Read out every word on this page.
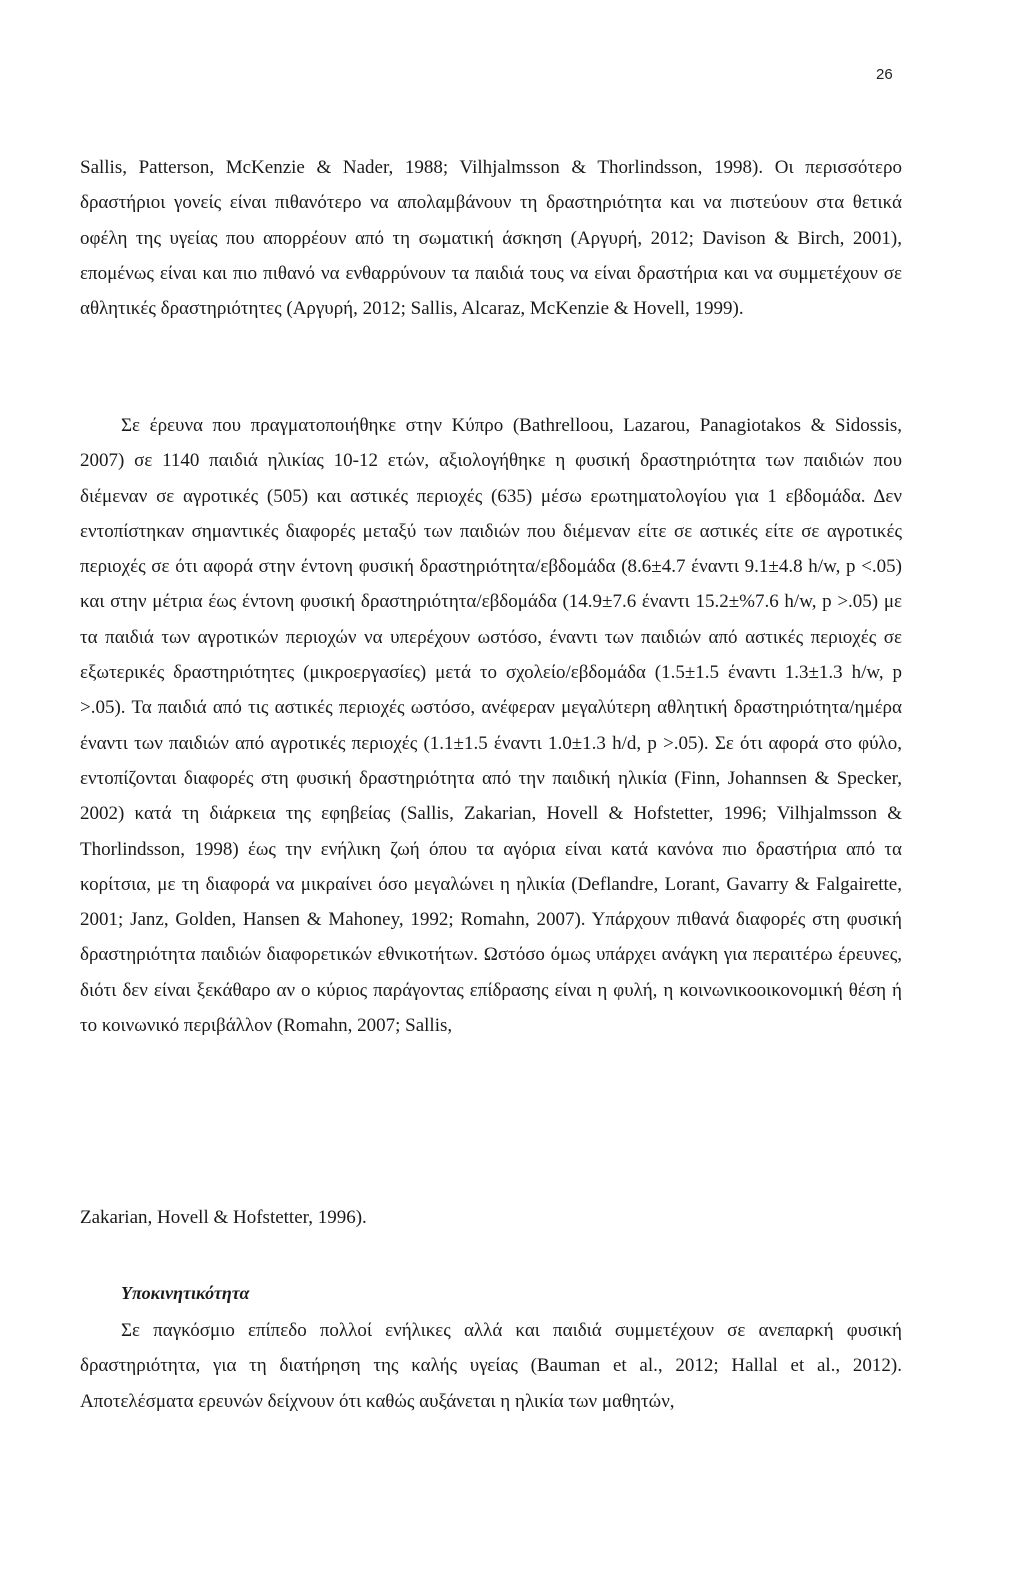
26

Sallis, Patterson, McKenzie & Nader, 1988; Vilhjalmsson & Thorlindsson, 1998). Οι περισσότερο δραστήριοι γονείς είναι πιθανότερο να απολαμβάνουν τη δραστηριότητα και να πιστεύουν στα θετικά οφέλη της υγείας που απορρέουν από τη σωματική άσκηση (Αργυρή, 2012; Davison & Birch, 2001), επομένως είναι και πιο πιθανό να ενθαρρύνουν τα παιδιά τους να είναι δραστήρια και να συμμετέχουν σε αθλητικές δραστηριότητες (Αργυρή, 2012; Sallis, Alcaraz, McKenzie & Hovell, 1999).

Σε έρευνα που πραγματοποιήθηκε στην Κύπρο (Bathrelloou, Lazarou, Panagiotakos & Sidossis, 2007) σε 1140 παιδιά ηλικίας 10-12 ετών, αξιολογήθηκε η φυσική δραστηριότητα των παιδιών που διέμεναν σε αγροτικές (505) και αστικές περιοχές (635) μέσω ερωτηματολογίου για 1 εβδομάδα. Δεν εντοπίστηκαν σημαντικές διαφορές μεταξύ των παιδιών που διέμεναν είτε σε αστικές είτε σε αγροτικές περιοχές σε ότι αφορά στην έντονη φυσική δραστηριότητα/εβδομάδα (8.6±4.7 έναντι 9.1±4.8 h/w, p <.05) και στην μέτρια έως έντονη φυσική δραστηριότητα/εβδομάδα (14.9±7.6 έναντι 15.2±%7.6 h/w, p >.05) με τα παιδιά των αγροτικών περιοχών να υπερέχουν ωστόσο, έναντι των παιδιών από αστικές περιοχές σε εξωτερικές δραστηριότητες (μικροεργασίες) μετά το σχολείο/εβδομάδα (1.5±1.5 έναντι 1.3±1.3 h/w, p >.05). Τα παιδιά από τις αστικές περιοχές ωστόσο, ανέφεραν μεγαλύτερη αθλητική δραστηριότητα/ημέρα έναντι των παιδιών από αγροτικές περιοχές (1.1±1.5 έναντι 1.0±1.3 h/d, p >.05). Σε ότι αφορά στο φύλο, εντοπίζονται διαφορές στη φυσική δραστηριότητα από την παιδική ηλικία (Finn, Johannsen & Specker, 2002) κατά τη διάρκεια της εφηβείας (Sallis, Zakarian, Hovell & Hofstetter, 1996; Vilhjalmsson & Thorlindsson, 1998) έως την ενήλικη ζωή όπου τα αγόρια είναι κατά κανόνα πιο δραστήρια από τα κορίτσια, με τη διαφορά να μικραίνει όσο μεγαλώνει η ηλικία (Deflandre, Lorant, Gavarry & Falgairette, 2001; Janz, Golden, Hansen & Mahoney, 1992; Romahn, 2007). Υπάρχουν πιθανά διαφορές στη φυσική δραστηριότητα παιδιών διαφορετικών εθνικοτήτων. Ωστόσο όμως υπάρχει ανάγκη για περαιτέρω έρευνες, διότι δεν είναι ξεκάθαρο αν ο κύριος παράγοντας επίδρασης είναι η φυλή, η κοινωνικοοικονομική θέση ή το κοινωνικό περιβάλλον (Romahn, 2007; Sallis,

Zakarian, Hovell & Hofstetter, 1996).

Υποκινητικότητα

Σε παγκόσμιο επίπεδο πολλοί ενήλικες αλλά και παιδιά συμμετέχουν σε ανεπαρκή φυσική δραστηριότητα, για τη διατήρηση της καλής υγείας (Bauman et al., 2012; Hallal et al., 2012). Αποτελέσματα ερευνών δείχνουν ότι καθώς αυξάνεται η ηλικία των μαθητών,
